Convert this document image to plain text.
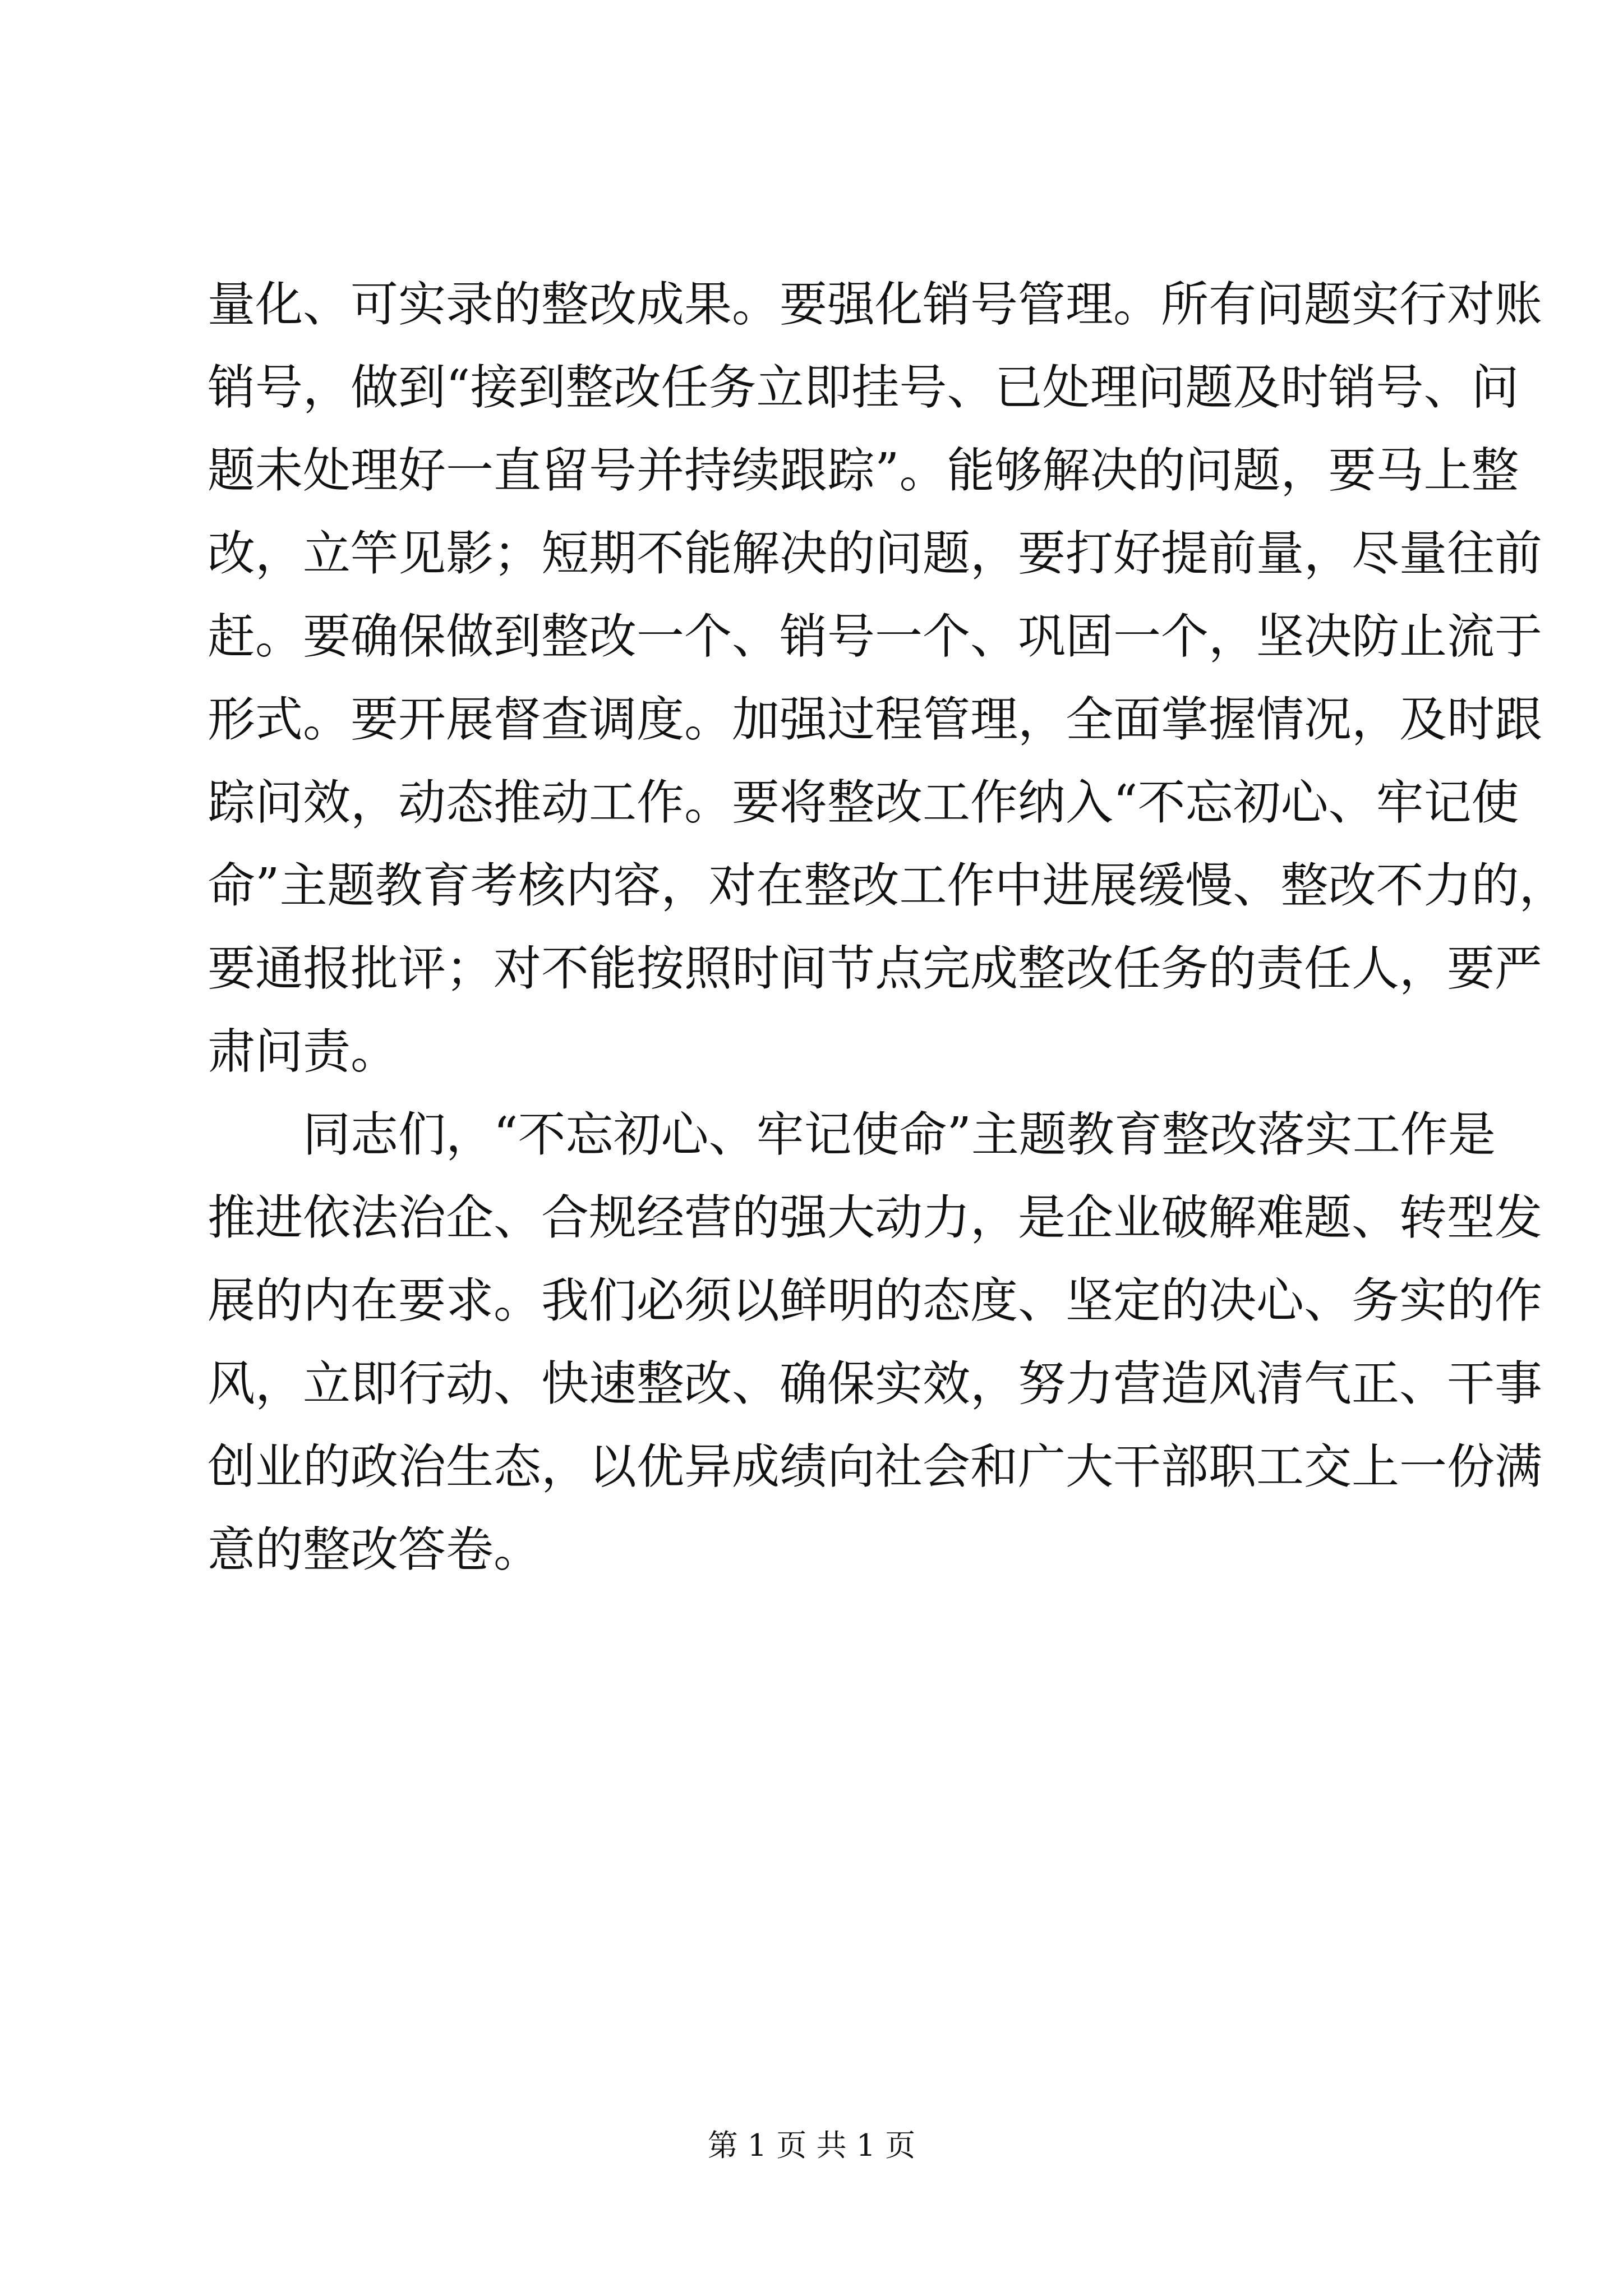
量化、可实录的整改成果。要强化销号管理。所有问题实行对账
销号，做到“接到整改任务立即挂号、已处理问题及时销号、问
题未处理好一直留号并持续跟踪”。能够解决的问题，要马上整
改，立竿见影；短期不能解决的问题，要打好提前量，尽量往前
赶。要确保做到整改一个、销号一个、巩固一个，坚决防止流于
形式。要开展督查调度。加强过程管理，全面掌握情况，及时跟
踪问效，动态推动工作。要将整改工作纳入“不忘初心、牢记使
命”主题教育考核内容，对在整改工作中进展缓慢、整改不力的，
要通报批评；对不能按照时间节点完成整改任务的责任人，要严
肃问责。
同志们，“不忘初心、牢记使命”主题教育整改落实工作是
推进依法治企、合规经营的强大动力，是企业破解难题、转型发
展的内在要求。我们必须以鲜明的态度、坚定的决心、务实的作
风，立即行动、快速整改、确保实效，努力营造风清气正、干事
创业的政治生态，以优异成绩向社会和广大干部职工交上一份满
意的整改答卷。
第 1 页 共 1 页
